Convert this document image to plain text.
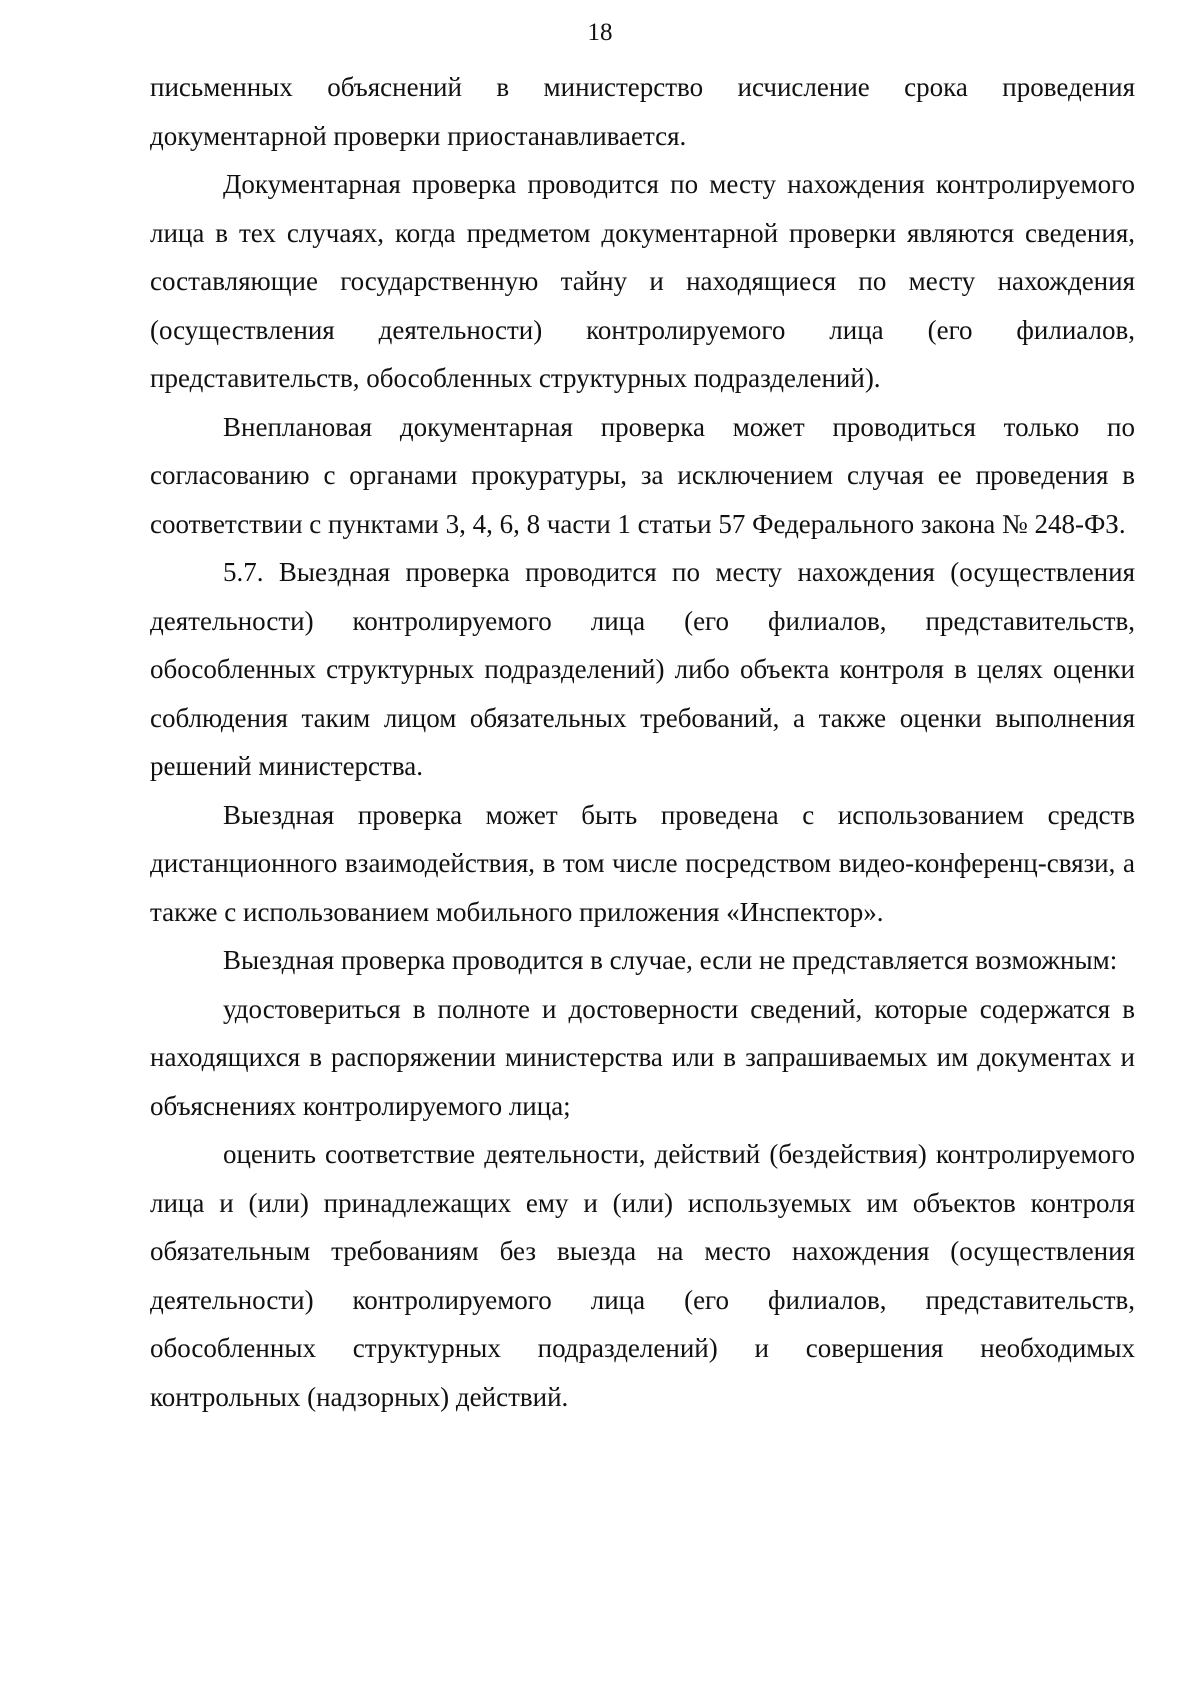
18

письменных объяснений в министерство исчисление срока проведения документарной проверки приостанавливается.

Документарная проверка проводится по месту нахождения контролируемого лица в тех случаях, когда предметом документарной проверки являются сведения, составляющие государственную тайну и находящиеся по месту нахождения (осуществления деятельности) контролируемого лица (его филиалов, представительств, обособленных структурных подразделений).

Внеплановая документарная проверка может проводиться только по согласованию с органами прокуратуры, за исключением случая ее проведения в соответствии с пунктами 3, 4, 6, 8 части 1 статьи 57 Федерального закона № 248-ФЗ.

5.7. Выездная проверка проводится по месту нахождения (осуществления деятельности) контролируемого лица (его филиалов, представительств, обособленных структурных подразделений) либо объекта контроля в целях оценки соблюдения таким лицом обязательных требований, а также оценки выполнения решений министерства.

Выездная проверка может быть проведена с использованием средств дистанционного взаимодействия, в том числе посредством видео-конференц-связи, а также с использованием мобильного приложения «Инспектор».

Выездная проверка проводится в случае, если не представляется возможным:

удостовериться в полноте и достоверности сведений, которые содержатся в находящихся в распоряжении министерства или в запрашиваемых им документах и объяснениях контролируемого лица;

оценить соответствие деятельности, действий (бездействия) контролируемого лица и (или) принадлежащих ему и (или) используемых им объектов контроля обязательным требованиям без выезда на место нахождения (осуществления деятельности) контролируемого лица (его филиалов, представительств, обособленных структурных подразделений) и совершения необходимых контрольных (надзорных) действий.
